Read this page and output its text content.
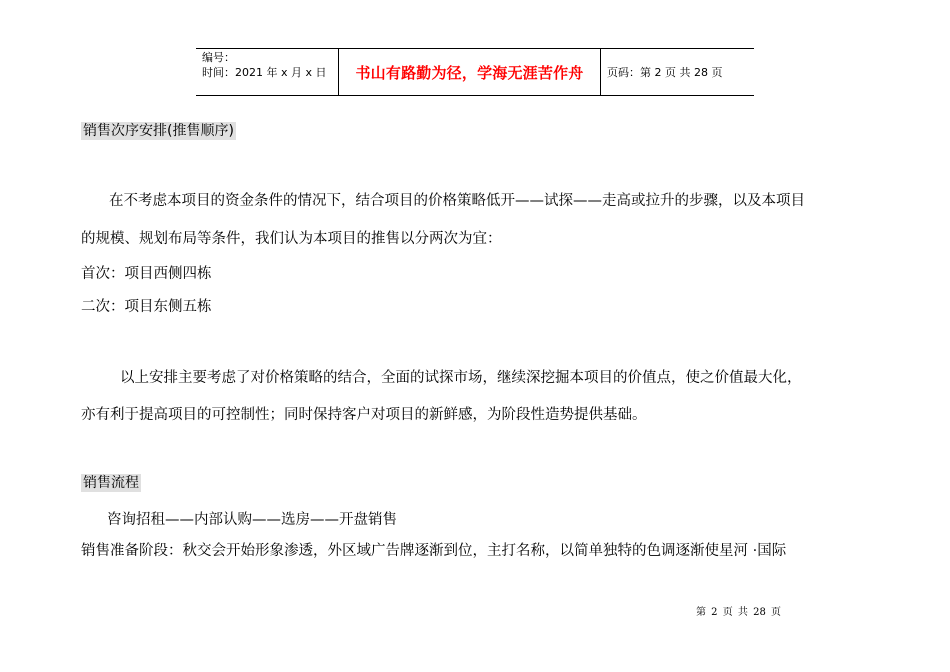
编号：
时间：2021 年 x 月 x 日	书山有路勤为径，学海无涯苦作舟	页码：第 2 页 共 28 页
销售次序安排(推售顺序)
在不考虑本项目的资金条件的情况下，结合项目的价格策略低开——试探——走高或拉升的步骤，以及本项目
的规模、规划布局等条件，我们认为本项目的推售以分两次为宜：
首次：项目西侧四栋
二次：项目东侧五栋
以上安排主要考虑了对价格策略的结合，全面的试探市场，继续深挖掘本项目的价值点，使之价值最大化，
亦有利于提高项目的可控制性；同时保持客户对项目的新鲜感，为阶段性造势提供基础。
销售流程
咨询招租——内部认购——选房——开盘销售
销售准备阶段：秋交会开始形象渗透，外区域广告牌逐渐到位，主打名称，以简单独特的色调逐渐使星河 ·国际
第 2 页 共 28 页
